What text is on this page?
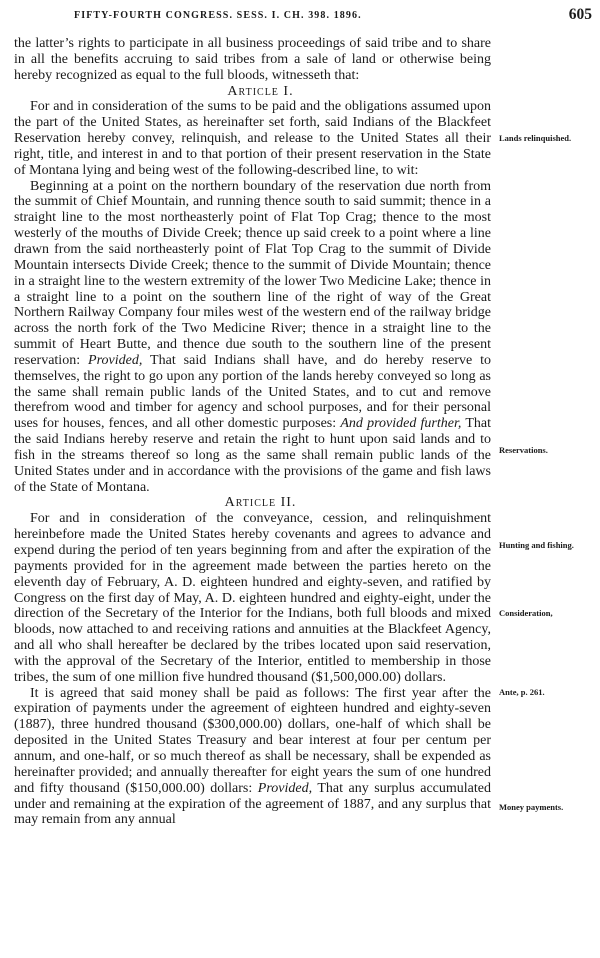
FIFTY-FOURTH CONGRESS. SESS. I. CH. 398. 1896.	605

the latter’s rights to participate in all business proceedings of said tribe and to share in all the benefits accruing to said tribes from a sale of land or otherwise being hereby recognized as equal to the full bloods, witnesseth that:

Article I.

For and in consideration of the sums to be paid and the obligations assumed upon the part of the United States, as hereinafter set forth, said Indians of the Blackfeet Reservation hereby convey, relinquish, and release to the United States all their right, title, and interest in and to that portion of their present reservation in the State of Montana lying and being west of the following-described line, to wit:

Beginning at a point on the northern boundary of the reservation due north from the summit of Chief Mountain, and running thence south to said summit; thence in a straight line to the most northeasterly point of Flat Top Crag; thence to the most westerly of the mouths of Divide Creek; thence up said creek to a point where a line drawn from the said northeasterly point of Flat Top Crag to the summit of Divide Mountain intersects Divide Creek; thence to the summit of Divide Mountain; thence in a straight line to the western extremity of the lower Two Medicine Lake; thence in a straight line to a point on the southern line of the right of way of the Great Northern Railway Company four miles west of the western end of the railway bridge across the north fork of the Two Medicine River; thence in a straight line to the summit of Heart Butte, and thence due south to the southern line of the present reservation: Provided, That said Indians shall have, and do hereby reserve to themselves, the right to go upon any portion of the lands hereby conveyed so long as the same shall remain public lands of the United States, and to cut and remove therefrom wood and timber for agency and school purposes, and for their personal uses for houses, fences, and all other domestic purposes: And provided further, That the said Indians hereby reserve and retain the right to hunt upon said lands and to fish in the streams thereof so long as the same shall remain public lands of the United States under and in accordance with the provisions of the game and fish laws of the State of Montana.

Article II.

For and in consideration of the conveyance, cession, and relinquishment hereinbefore made the United States hereby covenants and agrees to advance and expend during the period of ten years beginning from and after the expiration of the payments provided for in the agreement made between the parties hereto on the eleventh day of February, A. D. eighteen hundred and eighty-seven, and ratified by Congress on the first day of May, A. D. eighteen hundred and eighty-eight, under the direction of the Secretary of the Interior for the Indians, both full bloods and mixed bloods, now attached to and receiving rations and annuities at the Blackfeet Agency, and all who shall hereafter be declared by the tribes located upon said reservation, with the approval of the Secretary of the Interior, entitled to membership in those tribes, the sum of one million five hundred thousand ($1,500,000.00) dollars.

It is agreed that said money shall be paid as follows: The first year after the expiration of payments under the agreement of eighteen hundred and eighty-seven (1887), three hundred thousand ($300,000.00) dollars, one-half of which shall be deposited in the United States Treasury and bear interest at four per centum per annum, and one-half, or so much thereof as shall be necessary, shall be expended as hereinafter provided; and annually thereafter for eight years the sum of one hundred and fifty thousand ($150,000.00) dollars: Provided, That any surplus accumulated under and remaining at the expiration of the agreement of 1887, and any surplus that may remain from any annual

Lands relinquished.
Reservations.
Hunting and fishing.
Consideration,
Ante, p. 261.
Money payments.
